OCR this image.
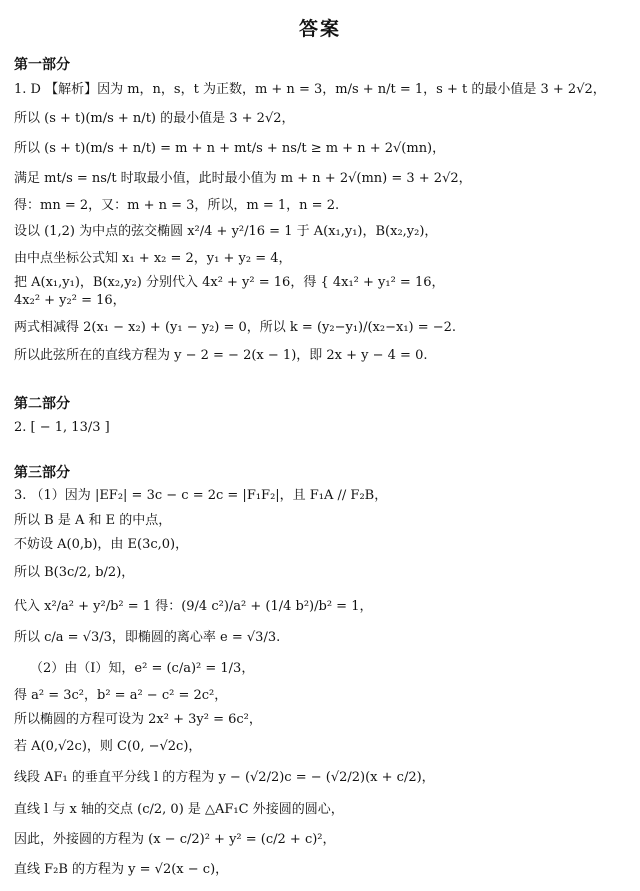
答案
第一部分
1. D 【解析】因为 m，n，s，t 为正数，m + n = 3，m/s + n/t = 1，s + t 的最小值是 3 + 2√2，
所以 (s + t)(m/s + n/t) 的最小值是 3 + 2√2，
所以 (s + t)(m/s + n/t) = m + n + mt/s + ns/t ≥ m + n + 2√(mn)，
满足 mt/s = ns/t 时取最小值，此时最小值为 m + n + 2√(mn) = 3 + 2√2，
得：mn = 2，又：m + n = 3，所以，m = 1，n = 2.
设以 (1,2) 为中点的弦交椭圆 x²/4 + y²/16 = 1 于 A(x₁,y₁)，B(x₂,y₂)，
由中点坐标公式知 x₁ + x₂ = 2，y₁ + y₂ = 4，
把 A(x₁,y₁)，B(x₂,y₂) 分别代入 4x² + y² = 16，得 { 4x₁² + y₁² = 16，
4x₂² + y₂² = 16，
两式相减得 2(x₁ − x₂) + (y₁ − y₂) = 0，所以 k = (y₂−y₁)/(x₂−x₁) = −2.
所以此弦所在的直线方程为 y − 2 = − 2(x − 1)，即 2x + y − 4 = 0.
第二部分
2. [ − 1, 13/3 ]
第三部分
3. （1）因为 |EF₂| = 3c − c = 2c = |F₁F₂|，且 F₁A // F₂B，
所以 B 是 A 和 E 的中点，
不妨设 A(0,b)，由 E(3c,0)，
所以 B(3c/2, b/2)，
代入 x²/a² + y²/b² = 1 得：(9/4 c²)/a² + (1/4 b²)/b² = 1，
所以 c/a = √3/3，即椭圆的离心率 e = √3/3.
（2）由（Ⅰ）知，e² = (c/a)² = 1/3，
得 a² = 3c²，b² = a² − c² = 2c²，
所以椭圆的方程可设为 2x² + 3y² = 6c²，
若 A(0,√2c)，则 C(0, −√2c)，
线段 AF₁ 的垂直平分线 l 的方程为 y − (√2/2)c = − (√2/2)(x + c/2)，
直线 l 与 x 轴的交点 (c/2, 0) 是 △AF₁C 外接圆的圆心，
因此，外接圆的方程为 (x − c/2)² + y² = (c/2 + c)²，
直线 F₂B 的方程为 y = √2(x − c)，
